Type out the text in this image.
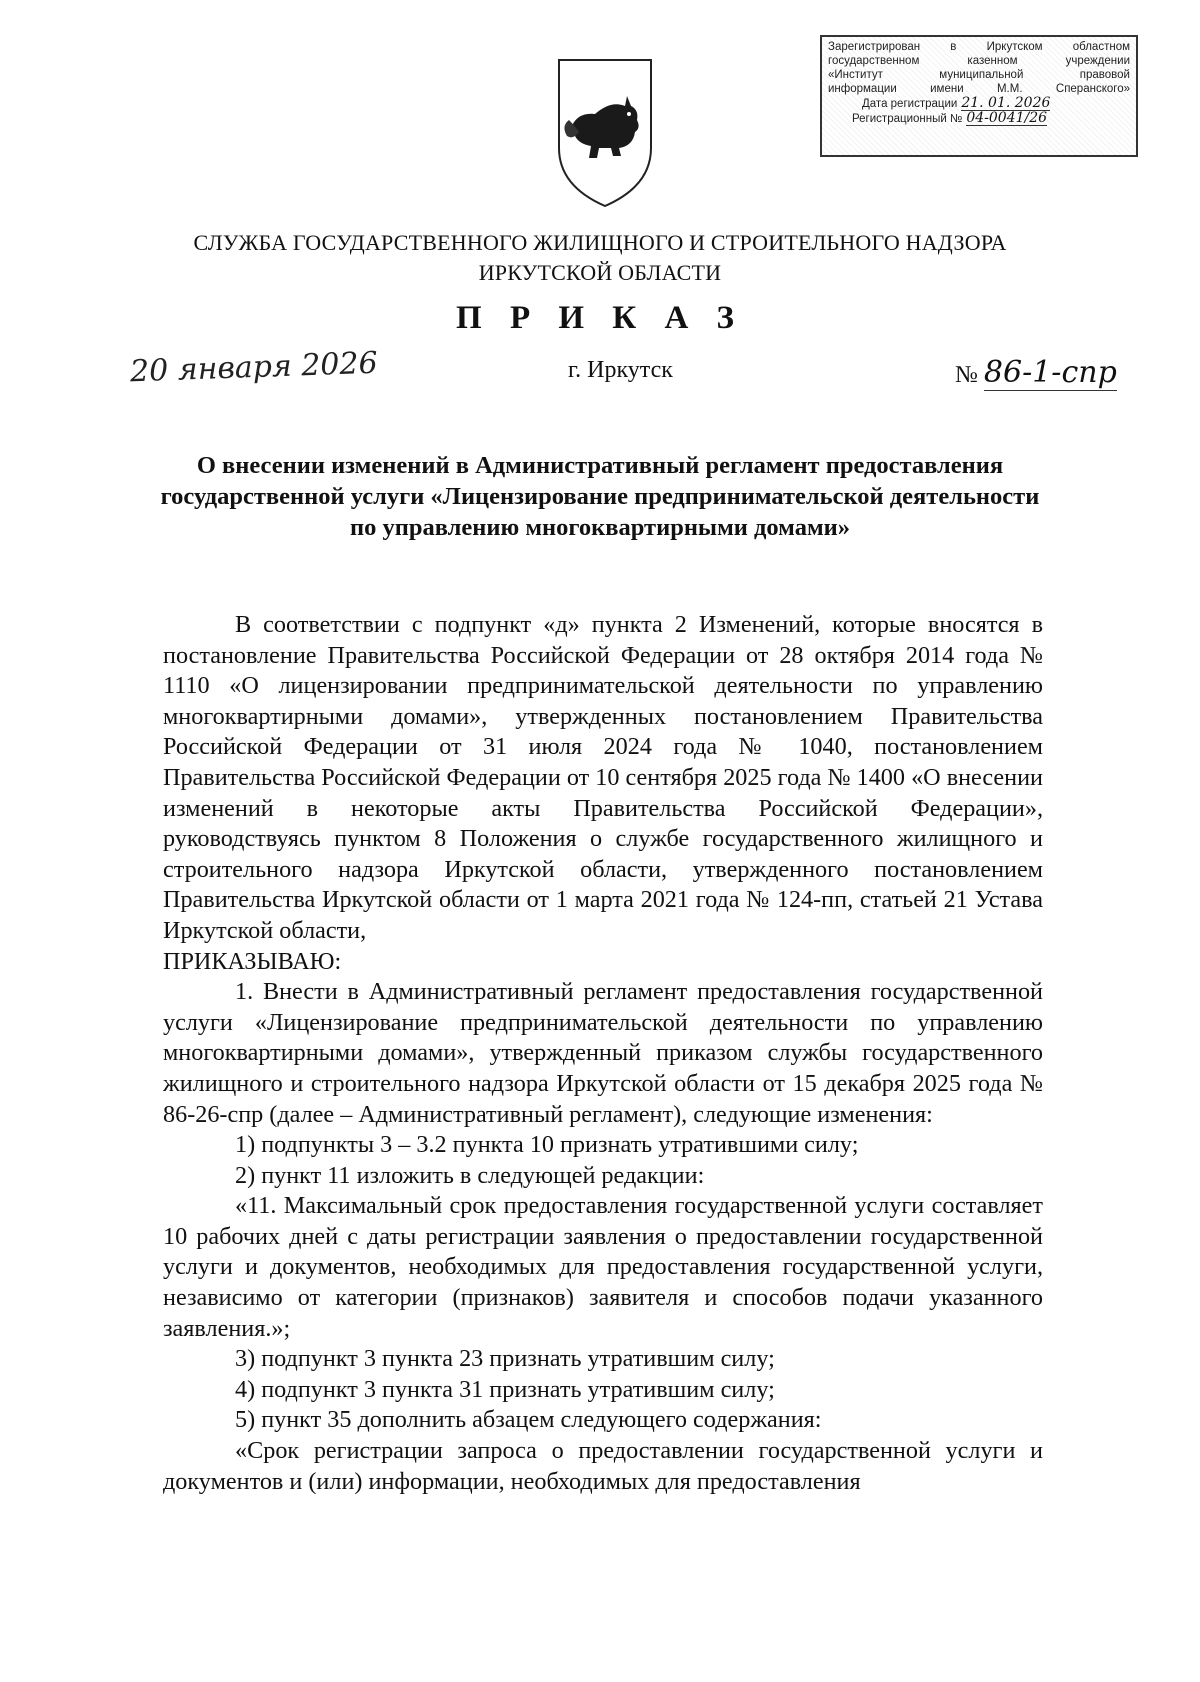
Зарегистрирован в Иркутском областном
государственном казенном учреждении
«Институт муниципальной правовой
информации имени М.М. Сперанского»
Дата регистрации 21. 01. 2026
Регистрационный № 04-0041/26
СЛУЖБА ГОСУДАРСТВЕННОГО ЖИЛИЩНОГО И СТРОИТЕЛЬНОГО НАДЗОРА
ИРКУТСКОЙ ОБЛАСТИ
П Р И К А З
20 января 2026	г. Иркутск	№ 86-1-спр
О внесении изменений в Административный регламент предоставления государственной услуги «Лицензирование предпринимательской деятельности по управлению многоквартирными домами»

В соответствии с подпункт «д» пункта 2 Изменений, которые вносятся в постановление Правительства Российской Федерации от 28 октября 2014 года № 1110 «О лицензировании предпринимательской деятельности по управлению многоквартирными домами», утвержденных постановлением Правительства Российской Федерации от 31 июля 2024 года № 1040, постановлением Правительства Российской Федерации от 10 сентября 2025 года № 1400 «О внесении изменений в некоторые акты Правительства Российской Федерации», руководствуясь пунктом 8 Положения о службе государственного жилищного и строительного надзора Иркутской области, утвержденного постановлением Правительства Иркутской области от 1 марта 2021 года № 124-пп, статьей 21 Устава Иркутской области,

ПРИКАЗЫВАЮ:

1. Внести в Административный регламент предоставления государственной услуги «Лицензирование предпринимательской деятельности по управлению многоквартирными домами», утвержденный приказом службы государственного жилищного и строительного надзора Иркутской области от 15 декабря 2025 года № 86-26-спр (далее – Административный регламент), следующие изменения:

1) подпункты 3 – 3.2 пункта 10 признать утратившими силу;

2) пункт 11 изложить в следующей редакции:

«11. Максимальный срок предоставления государственной услуги составляет 10 рабочих дней с даты регистрации заявления о предоставлении государственной услуги и документов, необходимых для предоставления государственной услуги, независимо от категории (признаков) заявителя и способов подачи указанного заявления.»;

3) подпункт 3 пункта 23 признать утратившим силу;

4) подпункт 3 пункта 31 признать утратившим силу;

5) пункт 35 дополнить абзацем следующего содержания:

«Срок регистрации запроса о предоставлении государственной услуги и документов и (или) информации, необходимых для предоставления
